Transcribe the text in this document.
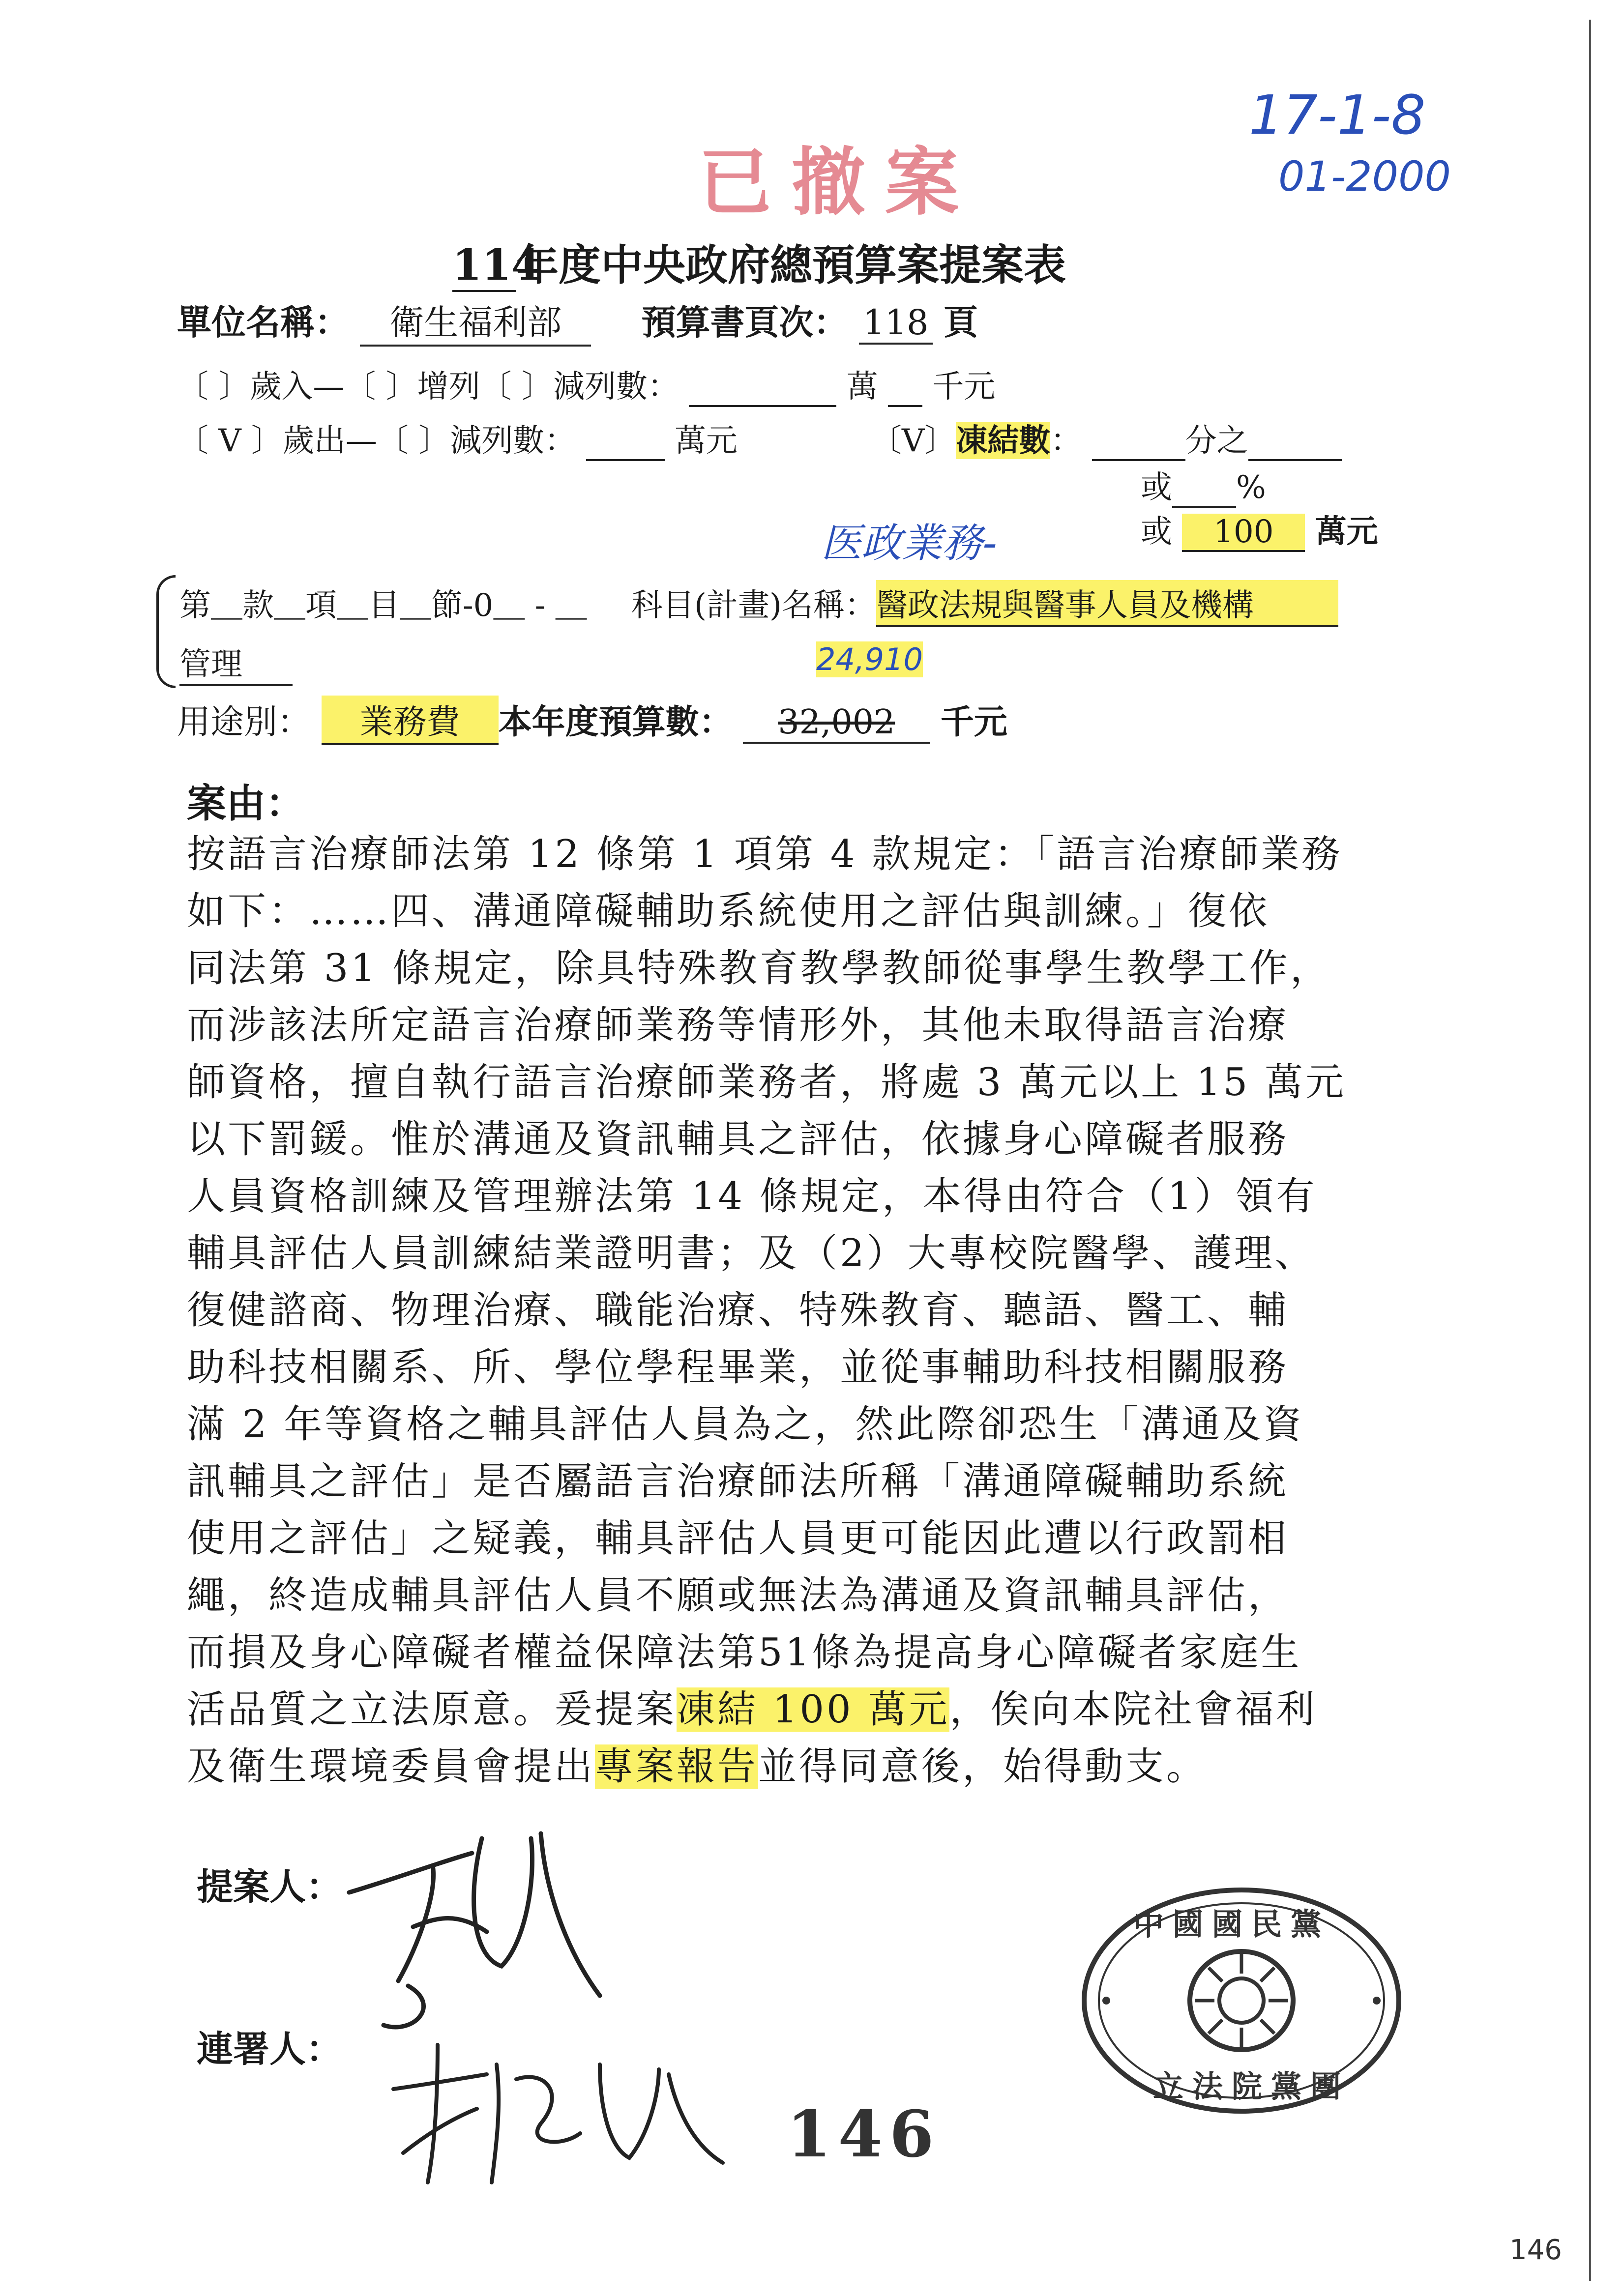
已撤案
17-1-8
01-2000
114年度中央政府總預算案提案表
單位名稱： 衛生福利部 預算書頁次： 118 頁
〔 〕歲入—〔 〕增列〔 〕減列數：	萬 千元
〔 V 〕歲出—〔 〕減列數：	萬元	〔V〕凍結數：	分之
或 %
医政業務-	或 100 萬元
第＿款＿項＿目＿節-0＿ - ＿ 科目(計畫)名稱：醫政法規與醫事人員及機構
管理	24,910
用途別： 業務費 本年度預算數： 32,002 千元
案由：
按語言治療師法第 12 條第 1 項第 4 款規定：「語言治療師業務
如下：……四、溝通障礙輔助系統使用之評估與訓練。」復依
同法第 31 條規定，除具特殊教育教學教師從事學生教學工作，
而涉該法所定語言治療師業務等情形外，其他未取得語言治療
師資格，擅自執行語言治療師業務者，將處 3 萬元以上 15 萬元
以下罰鍰。惟於溝通及資訊輔具之評估，依據身心障礙者服務
人員資格訓練及管理辦法第 14 條規定，本得由符合（1）領有
輔具評估人員訓練結業證明書；及（2）大專校院醫學、護理、
復健諮商、物理治療、職能治療、特殊教育、聽語、醫工、輔
助科技相關系、所、學位學程畢業，並從事輔助科技相關服務
滿 2 年等資格之輔具評估人員為之，然此際卻恐生「溝通及資
訊輔具之評估」是否屬語言治療師法所稱「溝通障礙輔助系統
使用之評估」之疑義，輔具評估人員更可能因此遭以行政罰相
繩，終造成輔具評估人員不願或無法為溝通及資訊輔具評估，
而損及身心障礙者權益保障法第51條為提高身心障礙者家庭生
活品質之立法原意。爰提案凍結 100 萬元，俟向本院社會福利
及衛生環境委員會提出專案報告並得同意後，始得動支。
提案人：
連署人：
中國國民黨
立法院黨團
146
146
